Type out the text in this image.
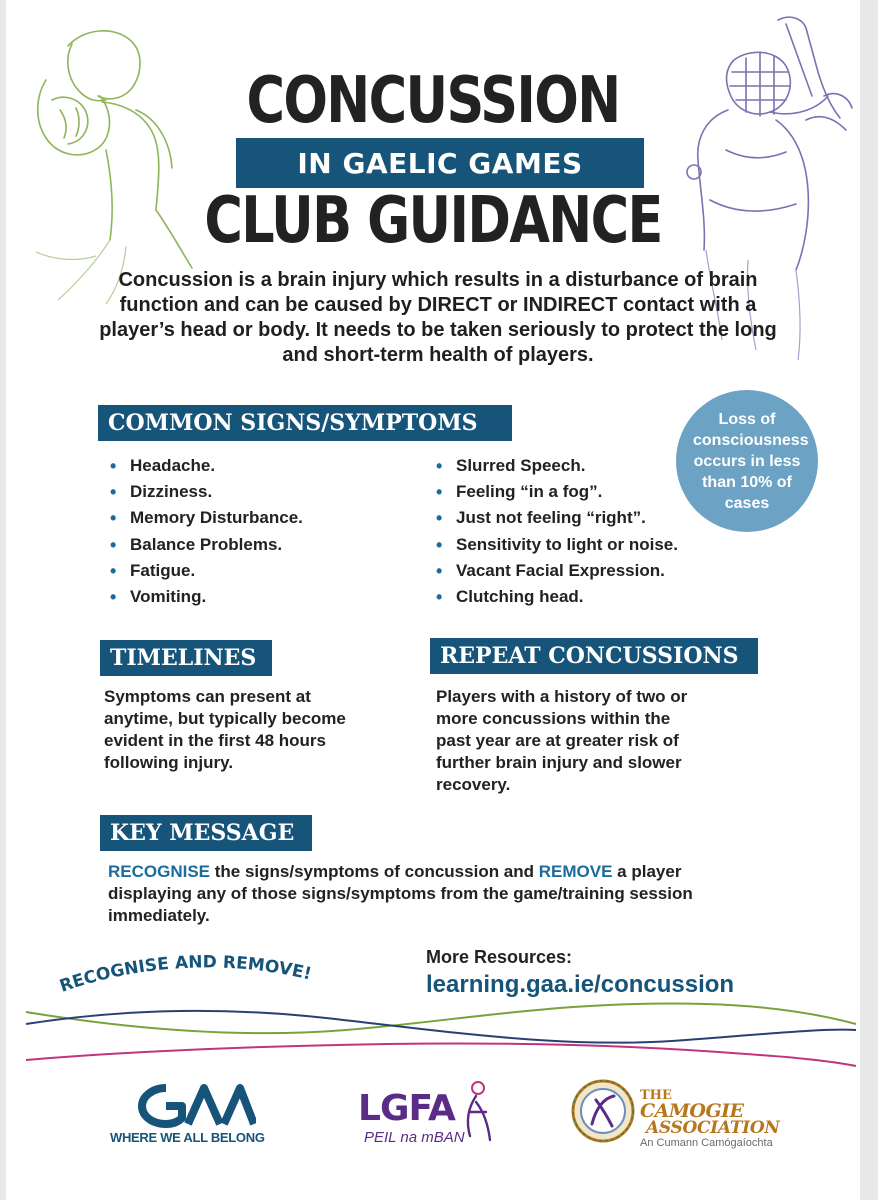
CONCUSSION
IN GAELIC GAMES
CLUB GUIDANCE
Concussion is a brain injury which results in a disturbance of brain function and can be caused by DIRECT or INDIRECT contact with a player’s head or body. It needs to be taken seriously to protect the long and short-term health of players.
COMMON SIGNS/SYMPTOMS
• Headache.
• Dizziness.
• Memory Disturbance.
• Balance Problems.
• Fatigue.
• Vomiting.
• Slurred Speech.
• Feeling “in a fog”.
• Just not feeling “right”.
• Sensitivity to light or noise.
• Vacant Facial Expression.
• Clutching head.
Loss of consciousness occurs in less than 10% of cases
TIMELINES
Symptoms can present at anytime, but typically become evident in the first 48 hours following injury.
REPEAT CONCUSSIONS
Players with a history of two or more concussions within the past year are at greater risk of further brain injury and slower recovery.
KEY MESSAGE
RECOGNISE the signs/symptoms of concussion and REMOVE a player displaying any of those signs/symptoms from the game/training session immediately.
RECOGNISE AND REMOVE!
More Resources:
learning.gaa.ie/concussion
WHERE WE ALL BELONG
LGFA
PEIL na mBAN
THE
CAMOGIE
ASSOCIATION
An Cumann Camógaíochta
